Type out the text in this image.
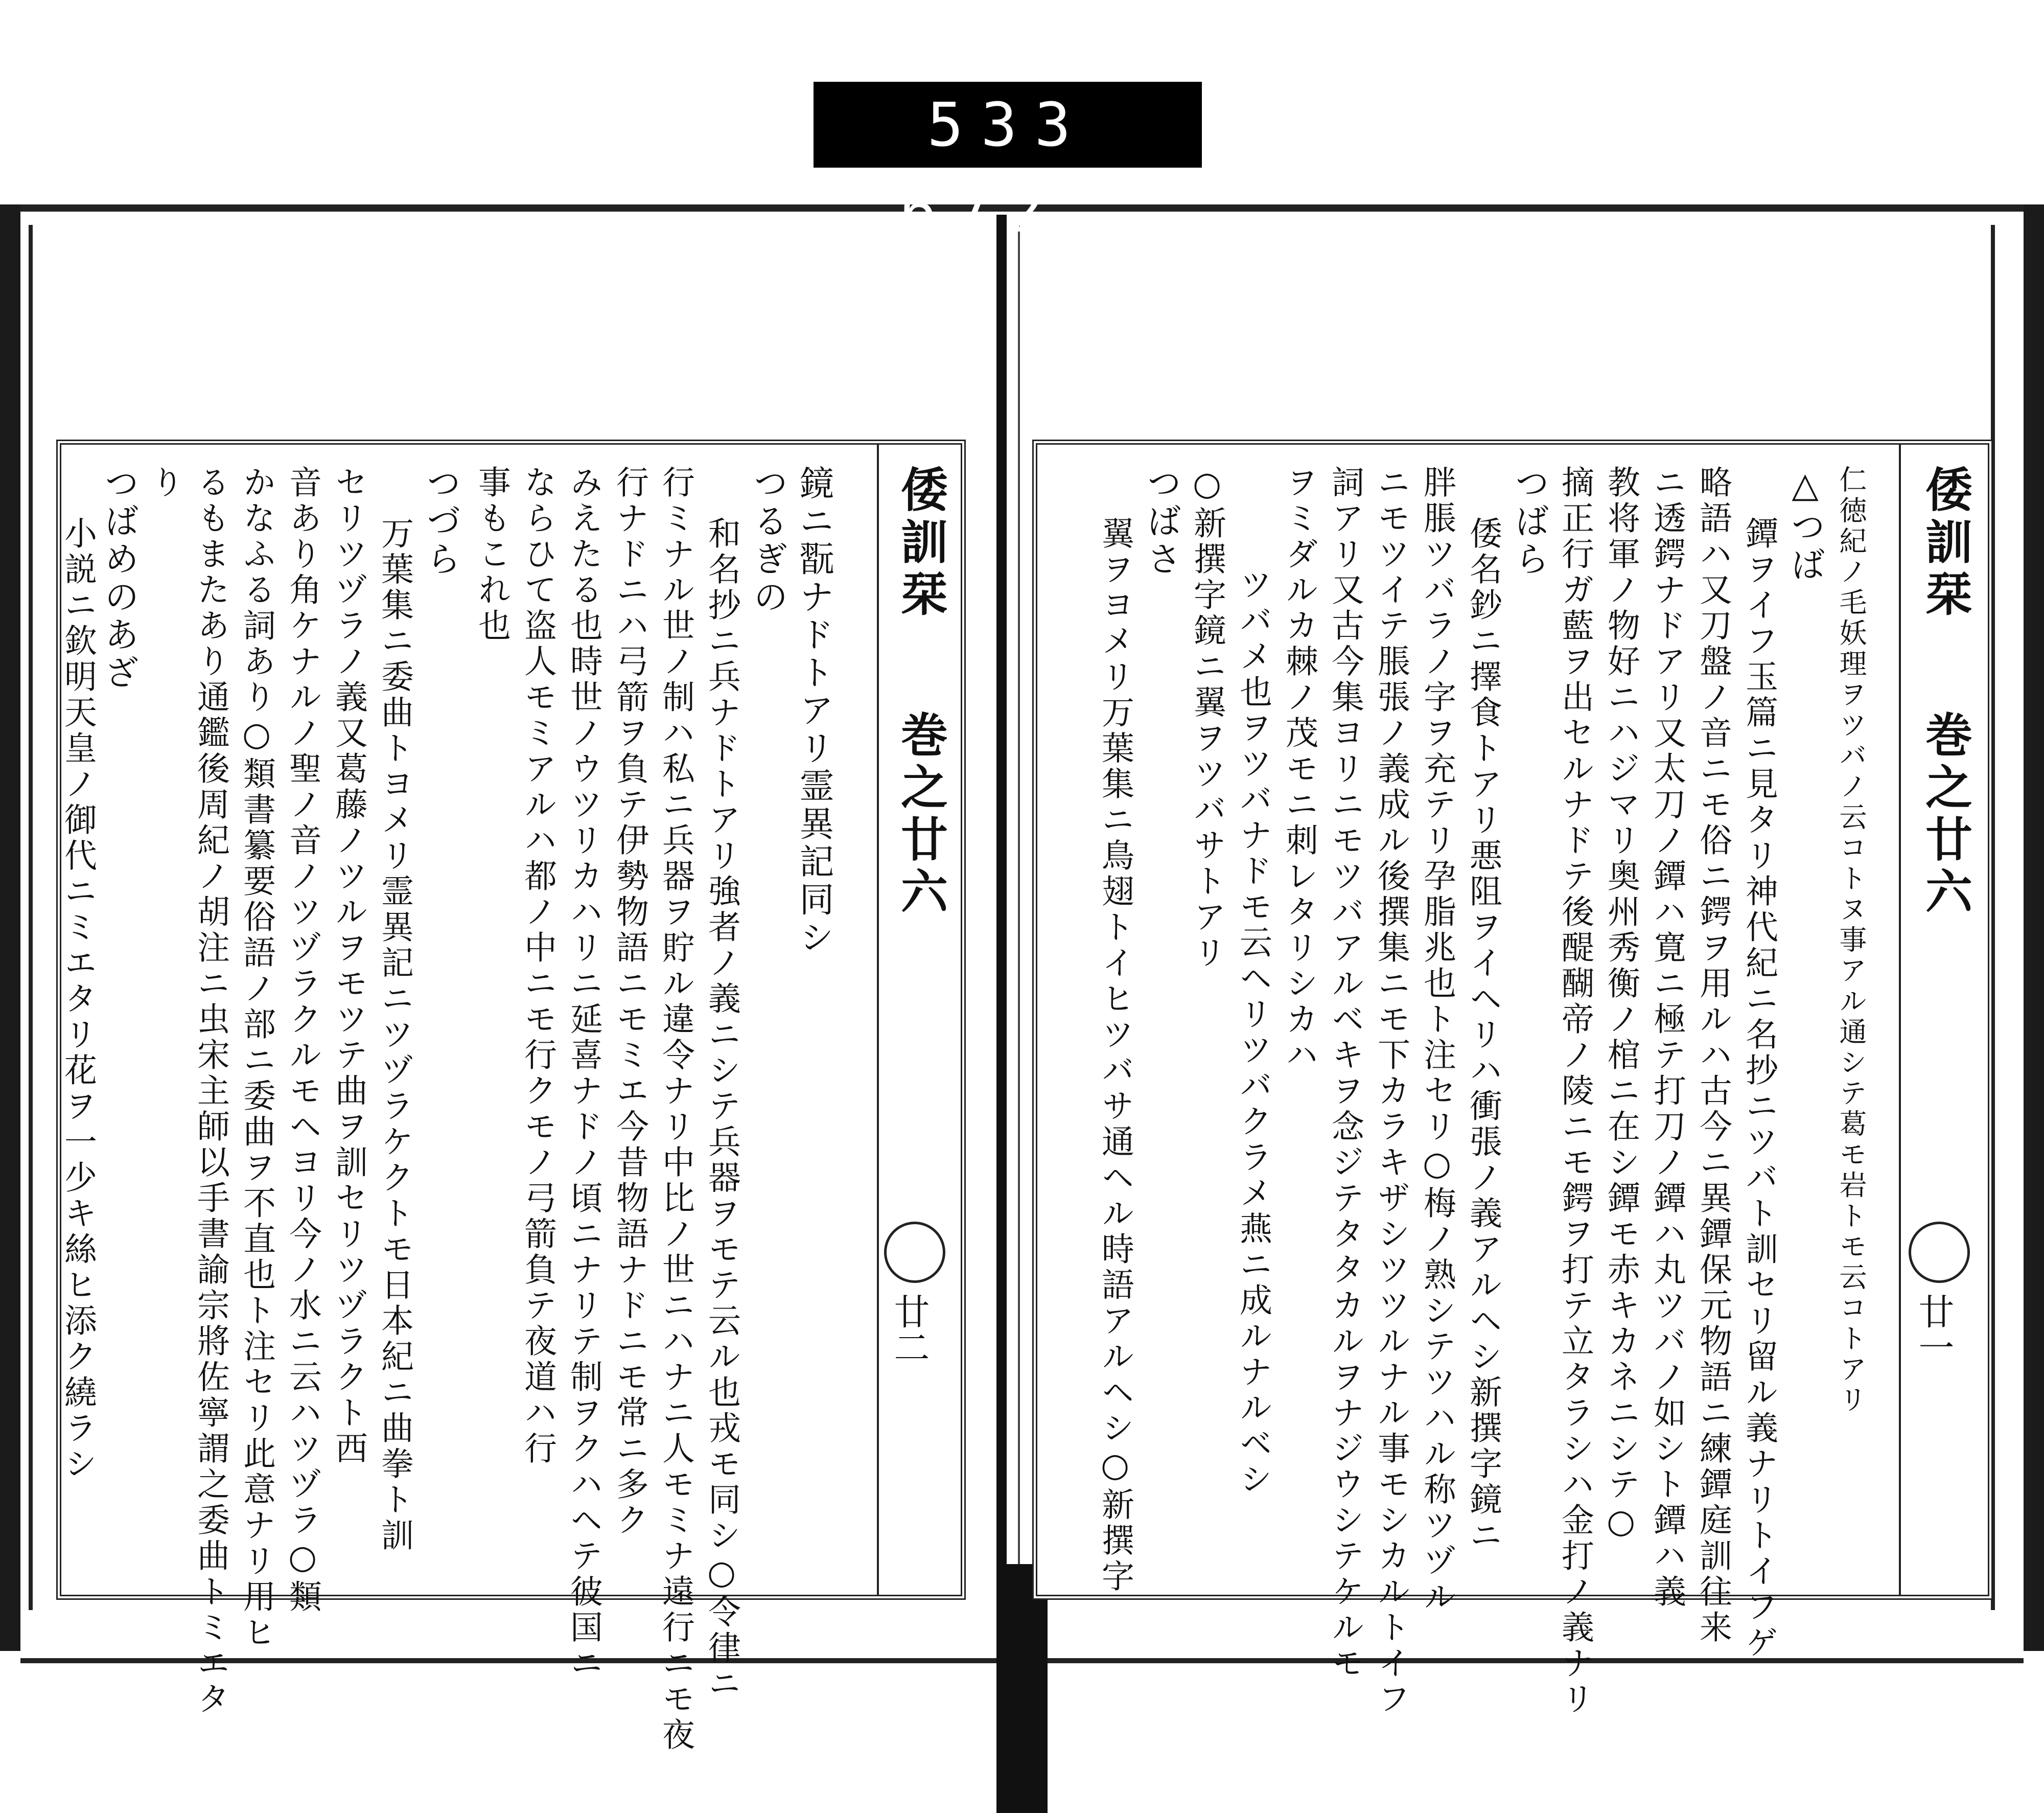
533 672.
倭訓栞
巻之廿六
廿二
鏡ニ翫ナドトアリ霊異記同シ
つるぎの
和名抄ニ兵ナドトアリ強者ノ義ニシテ兵器ヲモテ云ル也戎モ同シ○令律ニ
行ミナル世ノ制ハ私ニ兵器ヲ貯ル違令ナリ中比ノ世ニハナニ人モミナ遠行ニモ夜
行ナドニハ弓箭ヲ負テ伊勢物語ニモミエ今昔物語ナドニモ常ニ多ク
みえたる也時世ノウツリカハリニ延喜ナドノ頃ニナリテ制ヲクハヘテ彼国ニ
ならひて盗人モミアルハ都ノ中ニモ行クモノ弓箭負テ夜道ハ行
事もこれ也
つづら
万葉集ニ委曲トヨメリ霊異記ニツヅラケクトモ日本紀ニ曲拳ト訓
セリツヅラノ義又葛藤ノツルヲモツテ曲ヲ訓セリツヅラクト西
音あり角ケナルノ聖ノ音ノツヅラクルモヘヨリ今ノ水ニ云ハツヅラ○類
かなふる詞あり○類書纂要俗語ノ部ニ委曲ヲ不直也ト注セリ此意ナリ用ヒ
るもまたあり通鑑後周紀ノ胡注ニ虫宋主師以手書諭宗將佐寧謂之委曲トミエタ
り
つばめのあざ
小説ニ欽明天皇ノ御代ニミエタリ花ヲ一少キ絲ヒ添ク繞ラシ	倭訓栞
巻之廿六
廿一
仁徳紀ノ毛妖理ヲツバノ云コトヌ事アル通シテ葛モ岩トモ云コトアリ
△つば
鐔ヲイフ玉篇ニ見タリ神代紀ニ名抄ニツバト訓セリ留ル義ナリトイフゲ
略語ハ又刀盤ノ音ニモ俗ニ鍔ヲ用ルハ古今ニ異鐔保元物語ニ練鐔庭訓往来
ニ透鍔ナドアリ又太刀ノ鐔ハ寛ニ極テ打刀ノ鐔ハ丸ツバノ如シト鐔ハ義
教将軍ノ物好ニハジマリ奥州秀衡ノ棺ニ在シ鐔モ赤キカネニシテ○
摘正行ガ藍ヲ出セルナドテ後醍醐帝ノ陵ニモ鍔ヲ打テ立タラシハ金打ノ義ナリ
つばら
倭名鈔ニ擇食トアリ悪阻ヲイヘリハ衝張ノ義アルヘシ新撰字鏡ニ
胖脹ツバラノ字ヲ充テリ孕脂兆也ト注セリ○梅ノ熟シテツハル称ツヅル
ニモツイテ脹張ノ義成ル後撰集ニモ下カラキザシツツルナル事モシカルトイフ
詞アリ又古今集ヨリニモツバアルベキヲ念ジテタタカルヲナジウシテケルモ
ヲミダルカ棘ノ茂モニ刺レタリシカハ
ツバメ也ヲツバナドモ云ヘリツバクラメ燕ニ成ルナルベシ
○新撰字鏡ニ翼ヲツバサトアリ
つばさ
翼ヲヨメリ万葉集ニ鳥翅トイヒツバサ通ヘル時語アルヘシ○新撰字
